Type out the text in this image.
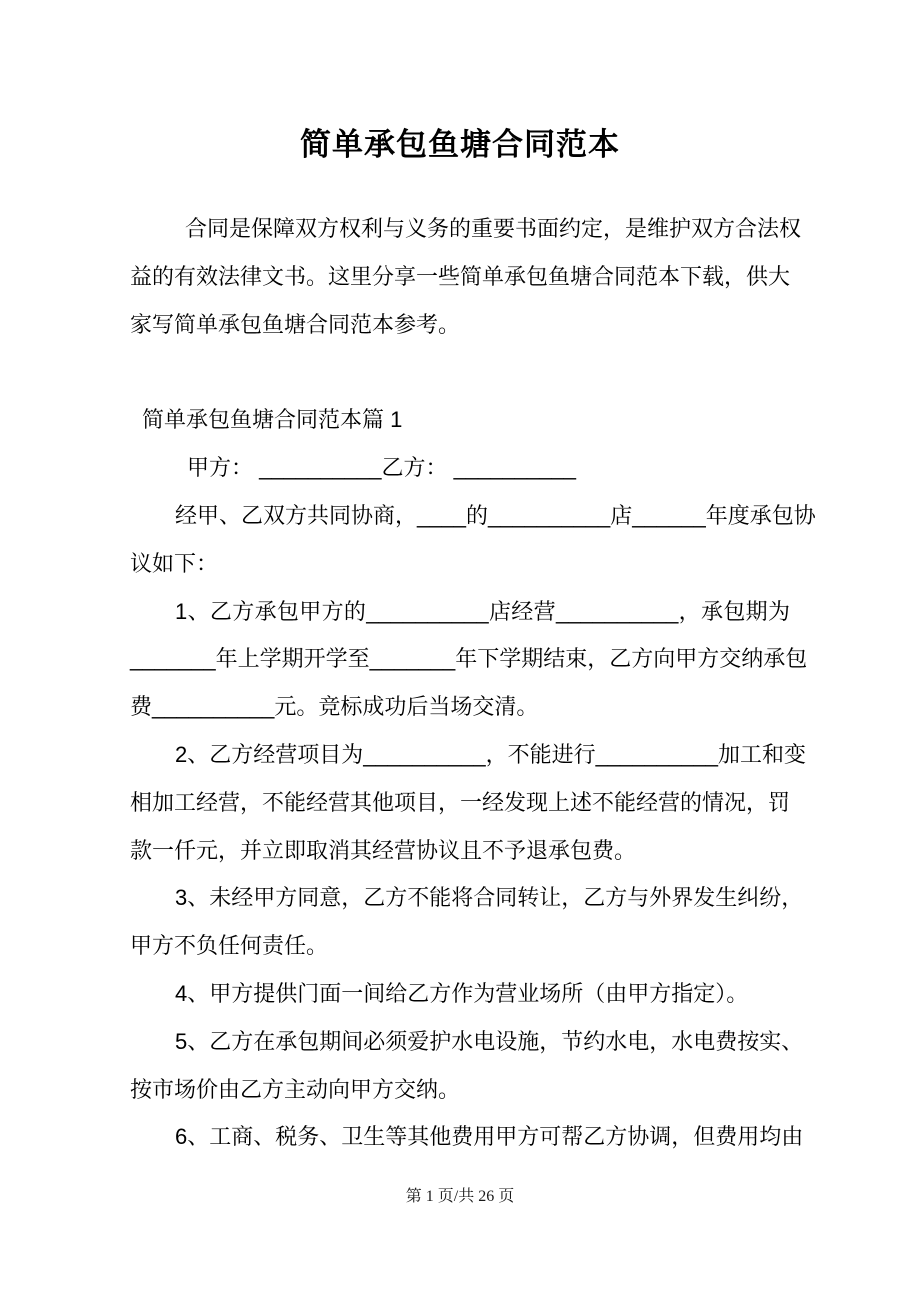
简单承包鱼塘合同范本
合同是保障双方权利与义务的重要书面约定，是维护双方合法权
益的有效法律文书。这里分享一些简单承包鱼塘合同范本下载，供大
家写简单承包鱼塘合同范本参考。
简单承包鱼塘合同范本篇 1
甲方： __________乙方： __________
经甲、乙双方共同协商，____的__________店______年度承包协
议如下：
1、乙方承包甲方的__________店经营__________，承包期为
_______年上学期开学至_______年下学期结束，乙方向甲方交纳承包
费__________元。竞标成功后当场交清。
2、乙方经营项目为__________，不能进行__________加工和变
相加工经营，不能经营其他项目，一经发现上述不能经营的情况，罚
款一仟元，并立即取消其经营协议且不予退承包费。
3、未经甲方同意，乙方不能将合同转让，乙方与外界发生纠纷，
甲方不负任何责任。
4、甲方提供门面一间给乙方作为营业场所（由甲方指定）。
5、乙方在承包期间必须爱护水电设施，节约水电，水电费按实、
按市场价由乙方主动向甲方交纳。
6、工商、税务、卫生等其他费用甲方可帮乙方协调，但费用均由
第 1 页/共 26 页
